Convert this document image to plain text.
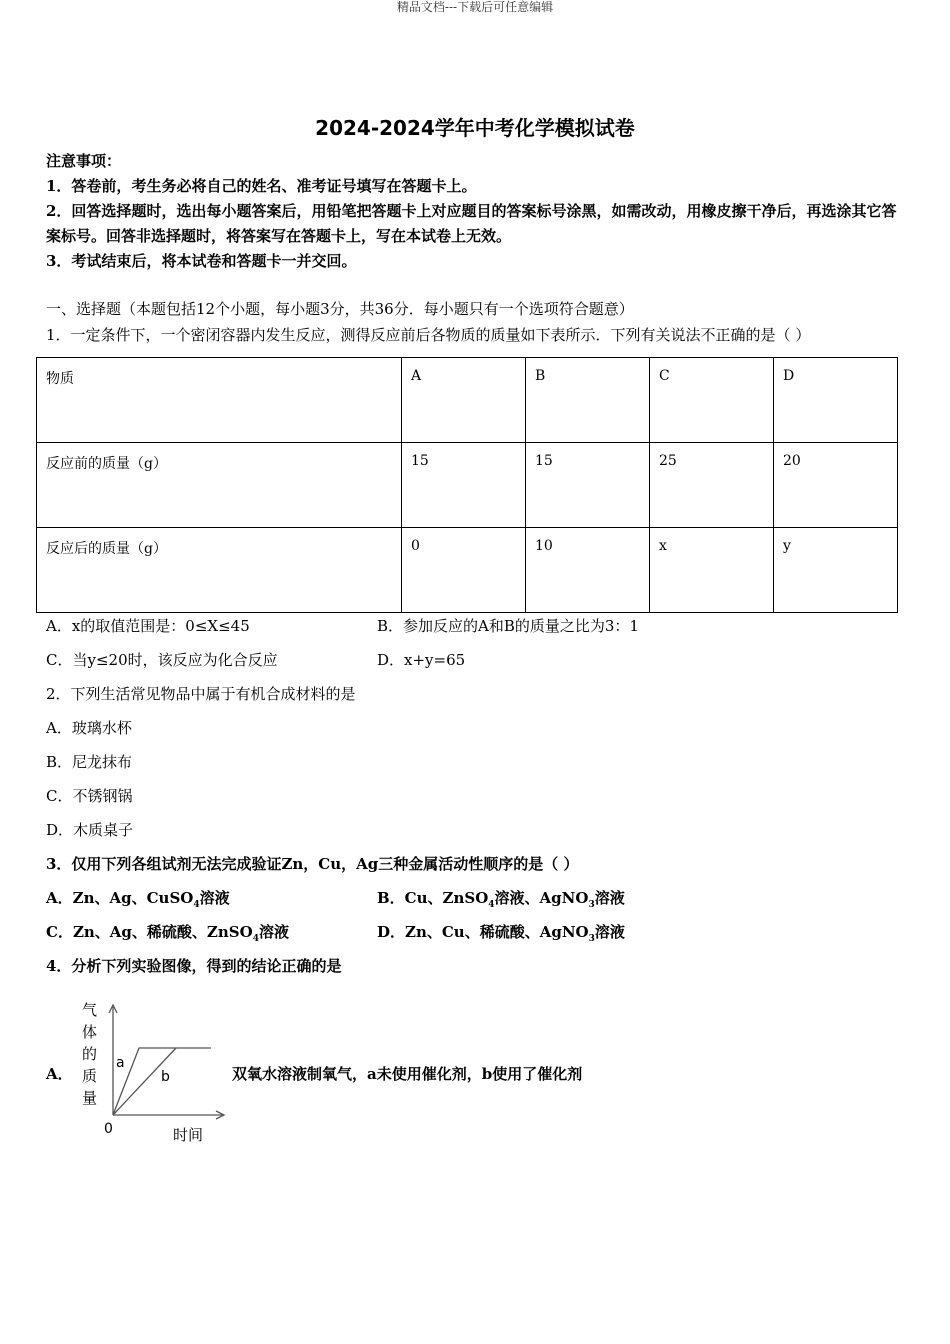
精品文档---下载后可任意编辑
2024-2024学年中考化学模拟试卷
注意事项：
1．答卷前，考生务必将自己的姓名、准考证号填写在答题卡上。
2．回答选择题时，选出每小题答案后，用铅笔把答题卡上对应题目的答案标号涂黑，如需改动，用橡皮擦干净后，再选涂其它答案标号。回答非选择题时，将答案写在答题卡上，写在本试卷上无效。
3．考试结束后，将本试卷和答题卡一并交回。
一、选择题（本题包括12个小题，每小题3分，共36分．每小题只有一个选项符合题意）
1．一定条件下，一个密闭容器内发生反应，测得反应前后各物质的质量如下表所示．下列有关说法不正确的是（ ）
物质	A	B	C	D
反应前的质量（g）	15	15	25	20
反应后的质量（g）	0	10	x	y
A．x的取值范围是：0≤X≤45	B．参加反应的A和B的质量之比为3：1
C．当y≤20时，该反应为化合反应	D．x+y=65
2．下列生活常见物品中属于有机合成材料的是
A．玻璃水杯
B．尼龙抹布
C．不锈钢锅
D．木质桌子
3．仅用下列各组试剂无法完成验证Zn，Cu，Ag三种金属活动性顺序的是（ ）
A．Zn、Ag、CuSO$_4$溶液	B．Cu、ZnSO$_4$溶液、AgNO$_3$溶液
C．Zn、Ag、稀硫酸、ZnSO$_4$溶液	D．Zn、Cu、稀硫酸、AgNO$_3$溶液
4．分析下列实验图像，得到的结论正确的是
A．	双氧水溶液制氧气，a未使用催化剂，b使用了催化剂
气
体
的
质
量
时间
0
a
b
